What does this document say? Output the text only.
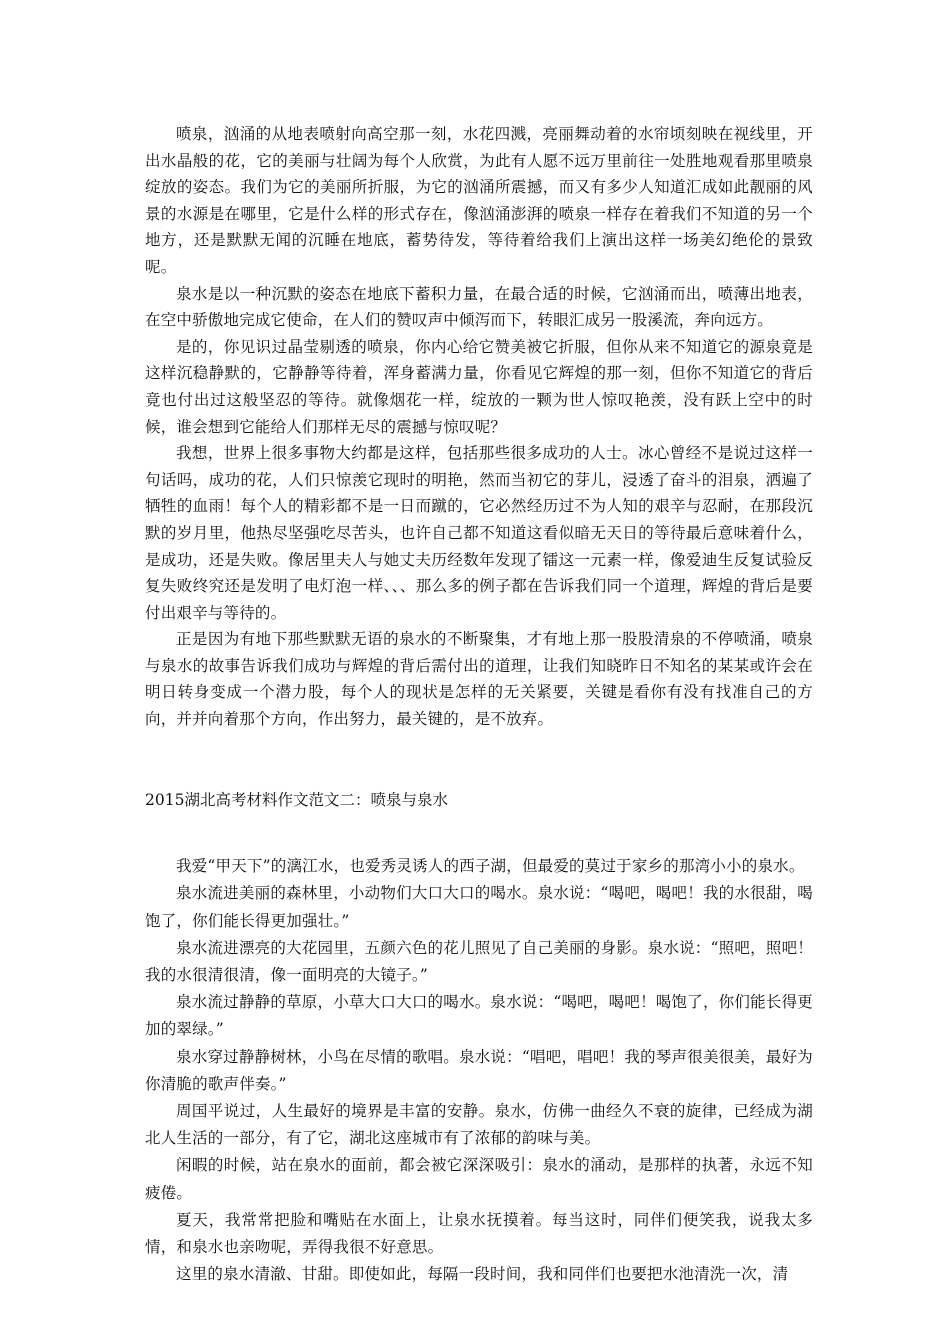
喷泉，汹涌的从地表喷射向高空那一刻，水花四溅，亮丽舞动着的水帘顷刻映在视线里，开出水晶般的花，它的美丽与壮阔为每个人欣赏，为此有人愿不远万里前往一处胜地观看那里喷泉绽放的姿态。我们为它的美丽所折服，为它的汹涌所震撼，而又有多少人知道汇成如此靓丽的风景的水源是在哪里，它是什么样的形式存在，像汹涌澎湃的喷泉一样存在着我们不知道的另一个地方，还是默默无闻的沉睡在地底，蓄势待发，等待着给我们上演出这样一场美幻绝伦的景致呢。

泉水是以一种沉默的姿态在地底下蓄积力量，在最合适的时候，它汹涌而出，喷薄出地表，在空中骄傲地完成它使命，在人们的赞叹声中倾泻而下，转眼汇成另一股溪流，奔向远方。

是的，你见识过晶莹剔透的喷泉，你内心给它赞美被它折服，但你从来不知道它的源泉竟是这样沉稳静默的，它静静等待着，浑身蓄满力量，你看见它辉煌的那一刻，但你不知道它的背后竟也付出过这般坚忍的等待。就像烟花一样，绽放的一颗为世人惊叹艳羡，没有跃上空中的时候，谁会想到它能给人们那样无尽的震撼与惊叹呢？

我想，世界上很多事物大约都是这样，包括那些很多成功的人士。冰心曾经不是说过这样一句话吗，成功的花，人们只惊羡它现时的明艳，然而当初它的芽儿，浸透了奋斗的泪泉，洒遍了牺牲的血雨！每个人的精彩都不是一日而蹴的，它必然经历过不为人知的艰辛与忍耐，在那段沉默的岁月里，他热尽坚强吃尽苦头，也许自己都不知道这看似暗无天日的等待最后意味着什么，是成功，还是失败。像居里夫人与她丈夫历经数年发现了镭这一元素一样，像爱迪生反复试验反复失败终究还是发明了电灯泡一样、、、那么多的例子都在告诉我们同一个道理，辉煌的背后是要付出艰辛与等待的。

正是因为有地下那些默默无语的泉水的不断聚集，才有地上那一股股清泉的不停喷涌，喷泉与泉水的故事告诉我们成功与辉煌的背后需付出的道理，让我们知晓昨日不知名的某某或许会在明日转身变成一个潜力股，每个人的现状是怎样的无关紧要，关键是看你有没有找准自己的方向，并并向着那个方向，作出努力，最关键的，是不放弃。

2015湖北高考材料作文范文二：喷泉与泉水

我爱“甲天下”的漓江水，也爱秀灵诱人的西子湖，但最爱的莫过于家乡的那湾小小的泉水。

泉水流进美丽的森林里，小动物们大口大口的喝水。泉水说：“喝吧，喝吧！我的水很甜，喝饱了，你们能长得更加强壮。”

泉水流进漂亮的大花园里，五颜六色的花儿照见了自己美丽的身影。泉水说：“照吧，照吧！我的水很清很清，像一面明亮的大镜子。”

泉水流过静静的草原，小草大口大口的喝水。泉水说：“喝吧，喝吧！喝饱了，你们能长得更加的翠绿。”

泉水穿过静静树林，小鸟在尽情的歌唱。泉水说：“唱吧，唱吧！我的琴声很美很美，最好为你清脆的歌声伴奏。”

周国平说过，人生最好的境界是丰富的安静。泉水，仿佛一曲经久不衰的旋律，已经成为湖北人生活的一部分，有了它，湖北这座城市有了浓郁的韵味与美。

闲暇的时候，站在泉水的面前，都会被它深深吸引：泉水的涌动，是那样的执著，永远不知疲倦。

夏天，我常常把脸和嘴贴在水面上，让泉水抚摸着。每当这时，同伴们便笑我，说我太多情，和泉水也亲吻呢，弄得我很不好意思。

这里的泉水清澈、甘甜。即使如此，每隔一段时间，我和同伴们也要把水池清洗一次，清
